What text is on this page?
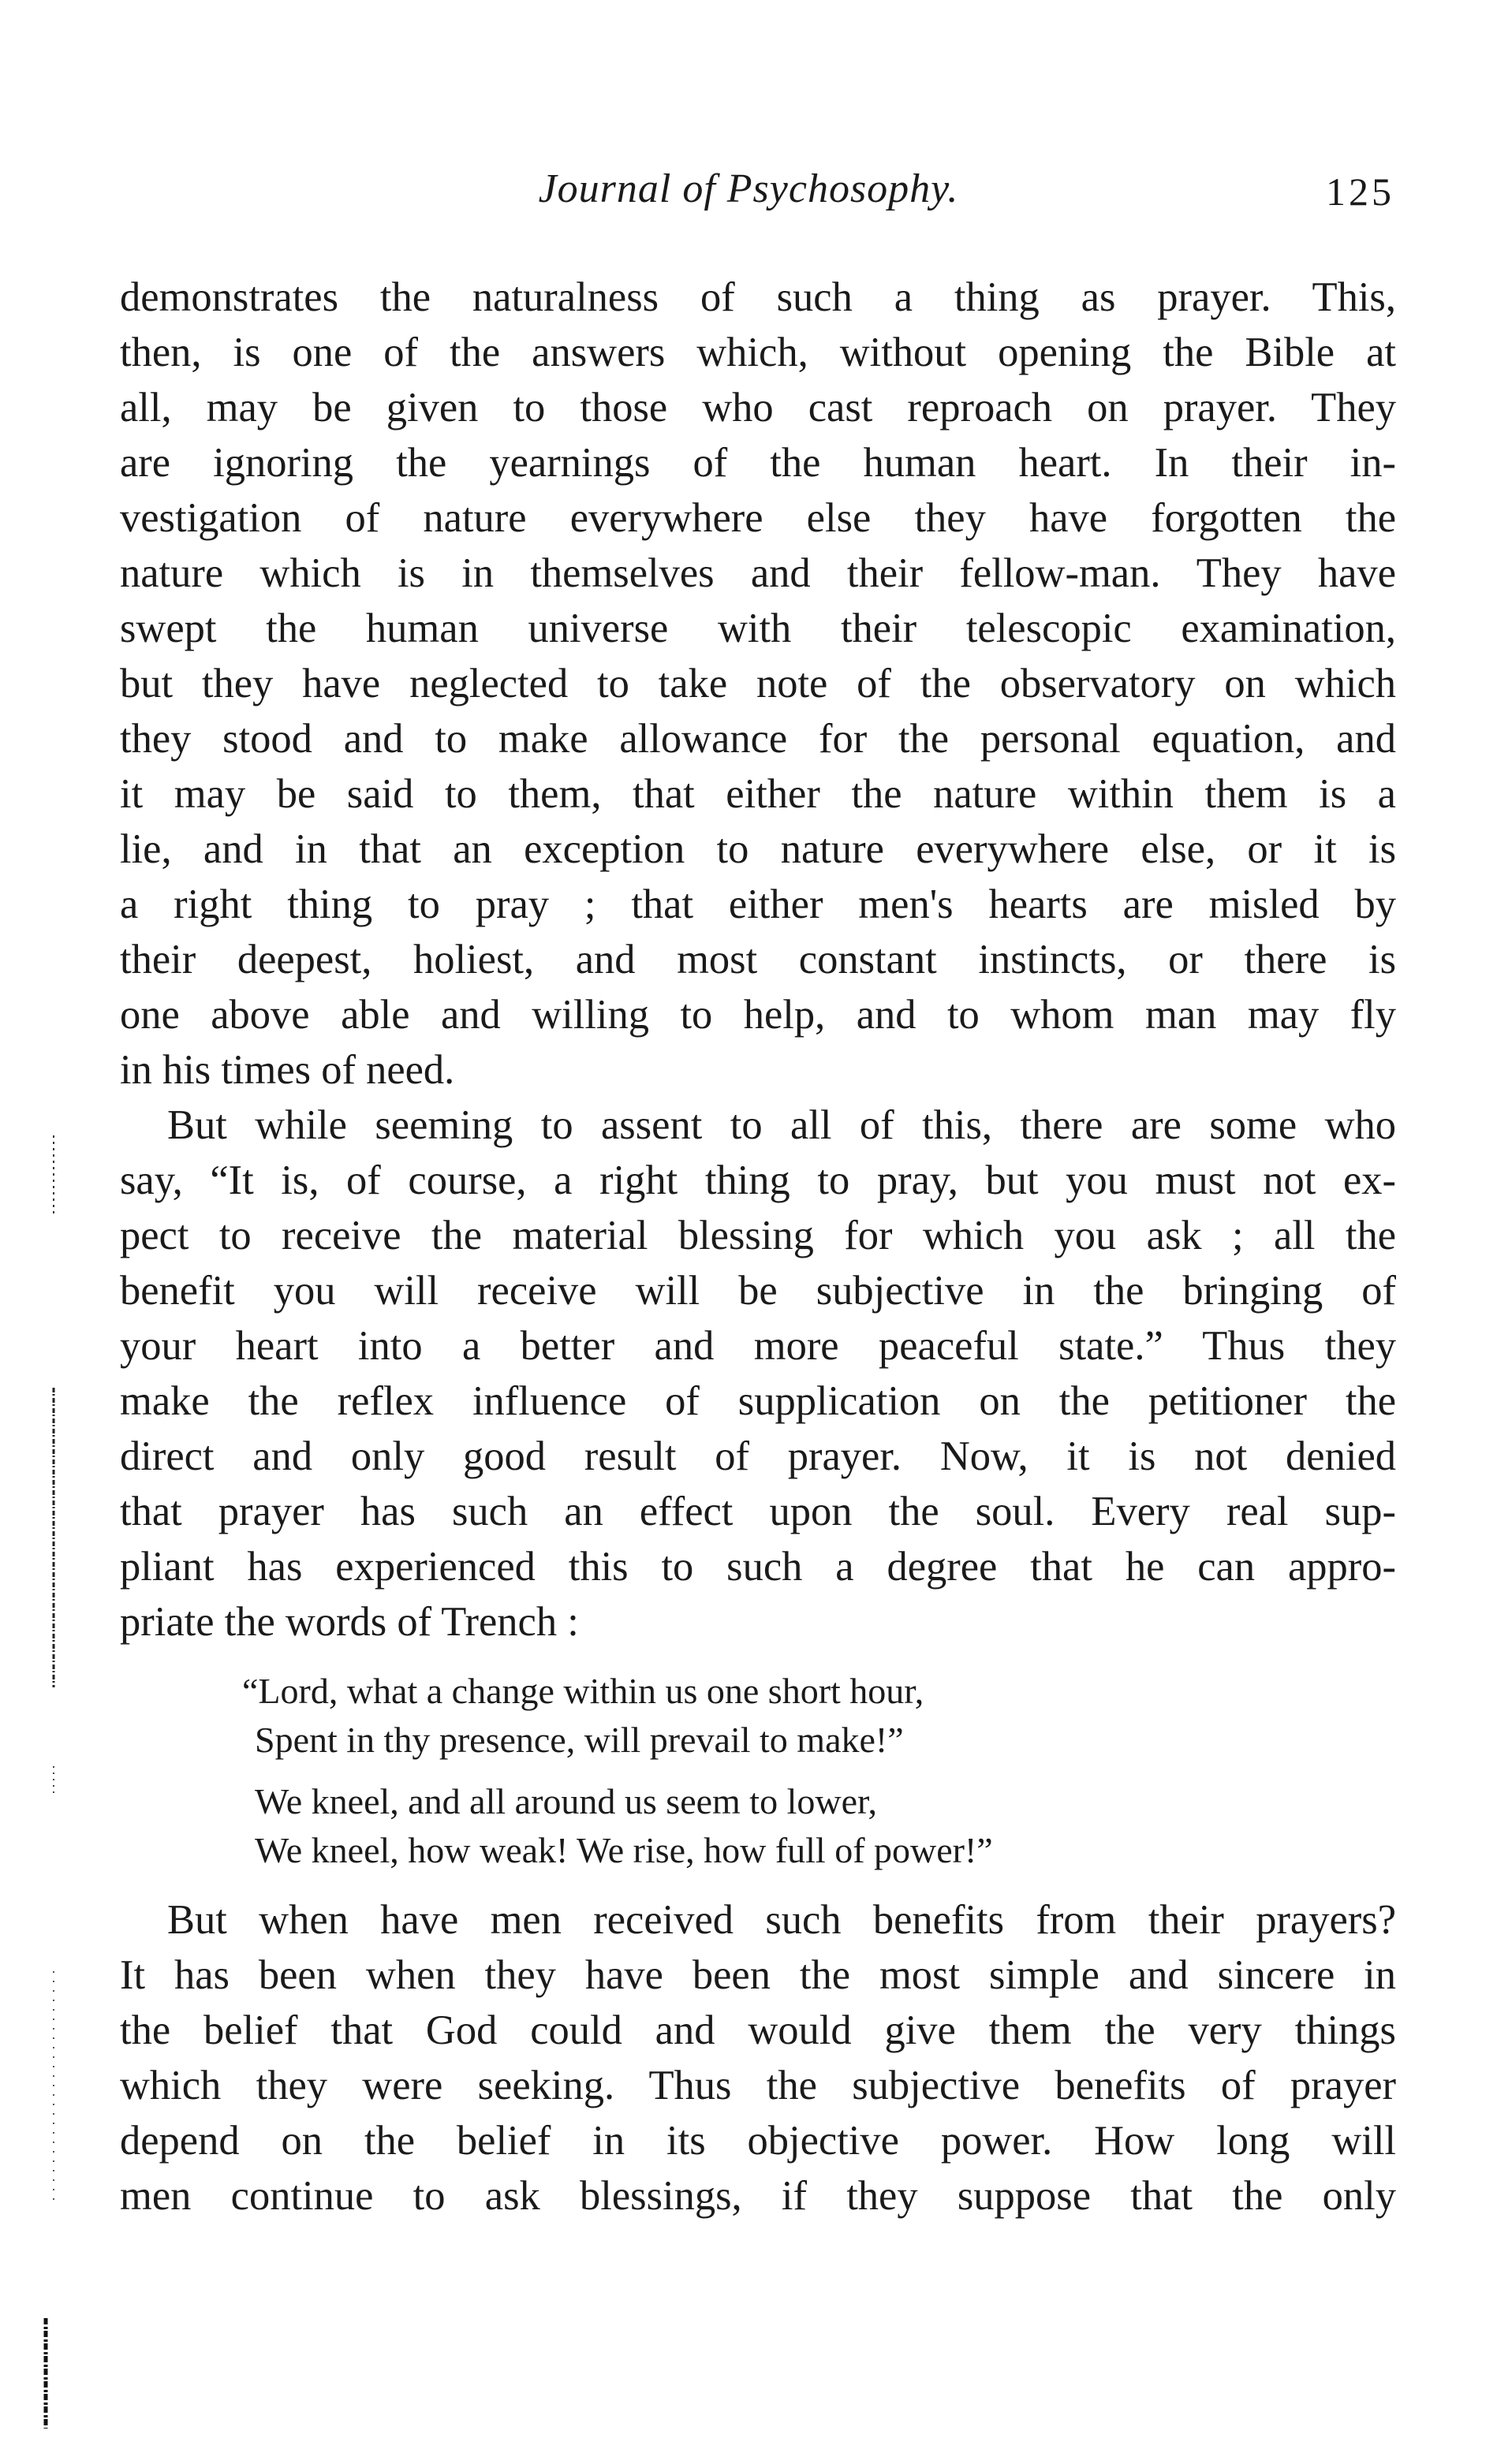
Journal of Psychosophy.	125
demonstrates the naturalness of such a thing as prayer. This,
then, is one of the answers which, without opening the Bible at
all, may be given to those who cast reproach on prayer. They
are ignoring the yearnings of the human heart. In their in-
vestigation of nature everywhere else they have forgotten the
nature which is in themselves and their fellow-man. They have
swept the human universe with their telescopic examination,
but they have neglected to take note of the observatory on which
they stood and to make allowance for the personal equation, and
it may be said to them, that either the nature within them is a
lie, and in that an exception to nature everywhere else, or it is
a right thing to pray ; that either men's hearts are misled by
their deepest, holiest, and most constant instincts, or there is
one above able and willing to help, and to whom man may fly
in his times of need.
But while seeming to assent to all of this, there are some who
say, “It is, of course, a right thing to pray, but you must not ex-
pect to receive the material blessing for which you ask ; all the
benefit you will receive will be subjective in the bringing of
your heart into a better and more peaceful state.” Thus they
make the reflex influence of supplication on the petitioner the
direct and only good result of prayer. Now, it is not denied
that prayer has such an effect upon the soul. Every real sup-
pliant has experienced this to such a degree that he can appro-
priate the words of Trench :
“Lord, what a change within us one short hour,
Spent in thy presence, will prevail to make!”
We kneel, and all around us seem to lower,
We kneel, how weak! We rise, how full of power!”
But when have men received such benefits from their prayers?
It has been when they have been the most simple and sincere in
the belief that God could and would give them the very things
which they were seeking. Thus the subjective benefits of prayer
depend on the belief in its objective power. How long will
men continue to ask blessings, if they suppose that the only
